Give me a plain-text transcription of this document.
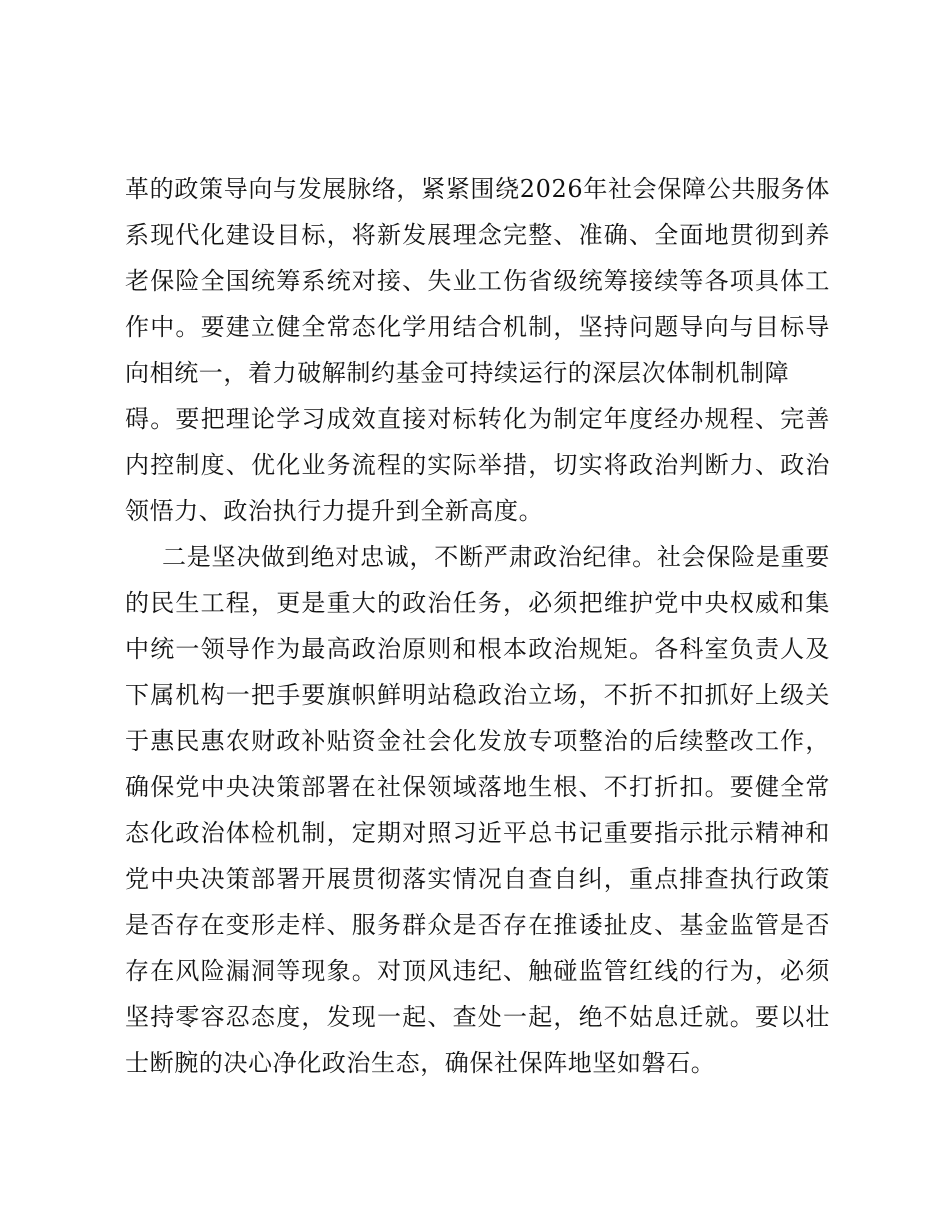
革的政策导向与发展脉络，紧紧围绕2026年社会保障公共服务体
系现代化建设目标，将新发展理念完整、准确、全面地贯彻到养
老保险全国统筹系统对接、失业工伤省级统筹接续等各项具体工
作中。要建立健全常态化学用结合机制，坚持问题导向与目标导
向相统一，着力破解制约基金可持续运行的深层次体制机制障
碍。要把理论学习成效直接对标转化为制定年度经办规程、完善
内控制度、优化业务流程的实际举措，切实将政治判断力、政治
领悟力、政治执行力提升到全新高度。
二是坚决做到绝对忠诚，不断严肃政治纪律。社会保险是重要
的民生工程，更是重大的政治任务，必须把维护党中央权威和集
中统一领导作为最高政治原则和根本政治规矩。各科室负责人及
下属机构一把手要旗帜鲜明站稳政治立场，不折不扣抓好上级关
于惠民惠农财政补贴资金社会化发放专项整治的后续整改工作，
确保党中央决策部署在社保领域落地生根、不打折扣。要健全常
态化政治体检机制，定期对照习近平总书记重要指示批示精神和
党中央决策部署开展贯彻落实情况自查自纠，重点排查执行政策
是否存在变形走样、服务群众是否存在推诿扯皮、基金监管是否
存在风险漏洞等现象。对顶风违纪、触碰监管红线的行为，必须
坚持零容忍态度，发现一起、查处一起，绝不姑息迁就。要以壮
士断腕的决心净化政治生态，确保社保阵地坚如磐石。
